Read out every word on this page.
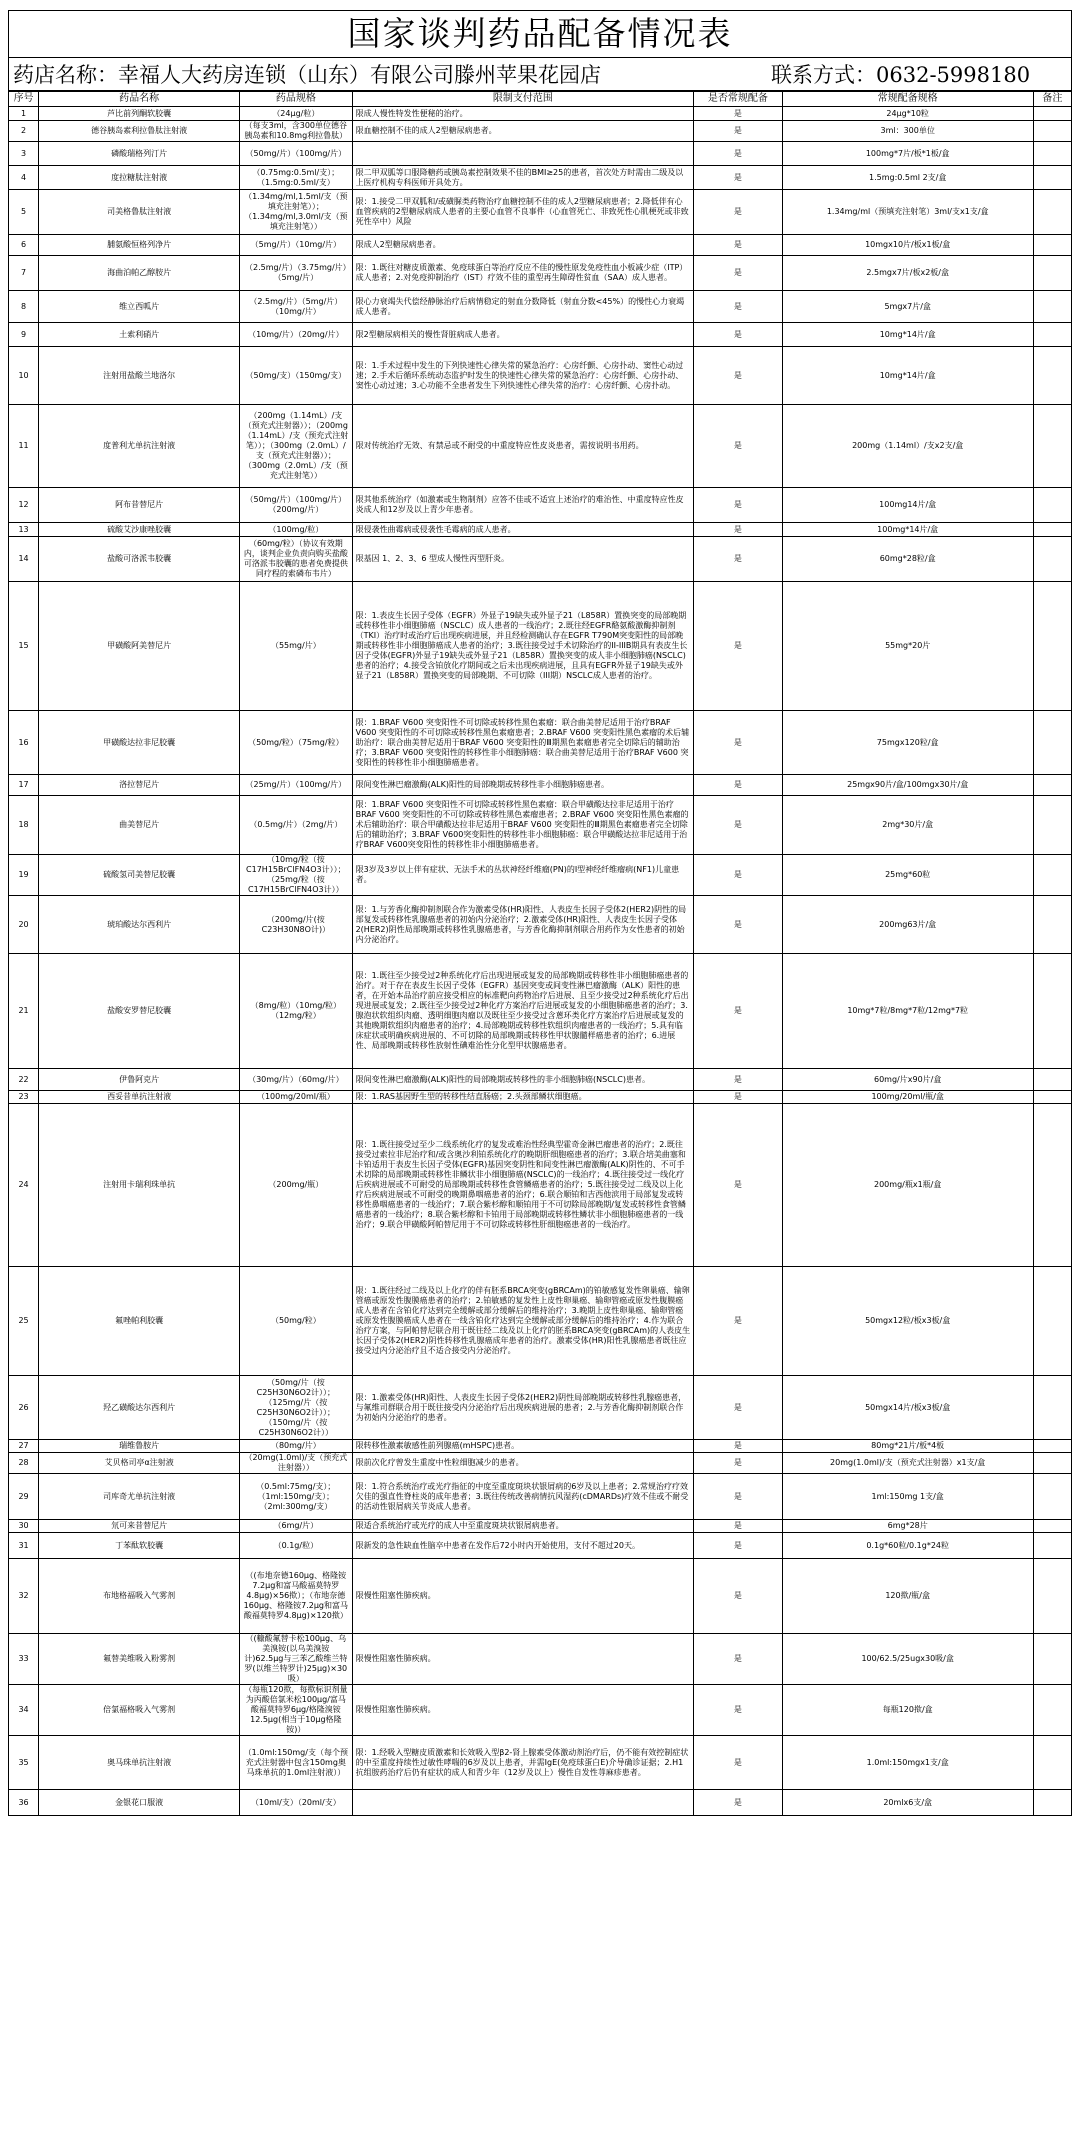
国家谈判药品配备情况表
药店名称：幸福人大药房连锁（山东）有限公司滕州苹果花园店	联系方式：0632-5998180
序号	药品名称	药品规格	限制支付范围	是否常规配备	常规配备规格	备注
1	芦比前列酮软胶囊	（24μg/粒）	限成人慢性特发性便秘的治疗。	是	24μg*10粒	
2	德谷胰岛素利拉鲁肽注射液	（每支3ml，含300单位德谷胰岛素和10.8mg利拉鲁肽）	限血糖控制不佳的成人2型糖尿病患者。	是	3ml：300单位	
3	磷酸瑞格列汀片	（50mg/片）（100mg/片）		是	100mg*7片/板*1板/盒	
4	度拉糖肽注射液	（0.75mg:0.5ml/支）；（1.5mg:0.5ml/支）	限二甲双胍等口服降糖药或胰岛素控制效果不佳的BMI≥25的患者，首次处方时需由二级及以上医疗机构专科医师开具处方。	是	1.5mg:0.5ml 2支/盒	
5	司美格鲁肽注射液	（1.34mg/ml,1.5ml/支（预填充注射笔））；（1.34mg/ml,3.0ml/支（预填充注射笔））	限：1.接受二甲双胍和/或磺脲类药物治疗血糖控制不佳的成人2型糖尿病患者；2.降低伴有心血管疾病的2型糖尿病成人患者的主要心血管不良事件（心血管死亡、非致死性心肌梗死或非致死性卒中）风险	是	1.34mg/ml（预填充注射笔）3ml/支x1支/盒	
6	脯氨酸恒格列净片	（5mg/片）（10mg/片）	限成人2型糖尿病患者。	是	10mgx10片/板x1板/盒	
7	海曲泊帕乙醇胺片	（2.5mg/片）（3.75mg/片）（5mg/片）	限：1.既往对糖皮质激素、免疫球蛋白等治疗反应不佳的慢性原发免疫性血小板减少症（ITP）成人患者；2.对免疫抑制治疗（IST）疗效不佳的重型再生障碍性贫血（SAA）成人患者。	是	2.5mgx7片/板x2板/盒	
8	维立西呱片	（2.5mg/片）（5mg/片）（10mg/片）	限心力衰竭失代偿经静脉治疗后病情稳定的射血分数降低（射血分数<45%）的慢性心力衰竭成人患者。	是	5mgx7片/盒	
9	土索利硝片	（10mg/片）（20mg/片）	限2型糖尿病相关的慢性肾脏病成人患者。	是	10mg*14片/盒	
10	注射用盐酸兰地洛尔	（50mg/支）（150mg/支）	限：1.手术过程中发生的下列快速性心律失常的紧急治疗：心房纤颤、心房扑动、窦性心动过速；2.手术后循环系统动态监护时发生的快速性心律失常的紧急治疗：心房纤颤、心房扑动、窦性心动过速；3.心功能不全患者发生下列快速性心律失常的治疗：心房纤颤、心房扑动。	是	10mg*14片/盒	
11	度普利尤单抗注射液	（200mg（1.14mL）/支（预充式注射器））；（200mg（1.14mL）/支（预充式注射笔））；（300mg（2.0mL）/支（预充式注射器））；（300mg（2.0mL）/支（预充式注射笔））	限对传统治疗无效、有禁忌或不耐受的中重度特应性皮炎患者，需按说明书用药。	是	200mg（1.14ml）/支x2支/盒	
12	阿布昔替尼片	（50mg/片）（100mg/片）（200mg/片）	限其他系统治疗（如激素或生物制剂）应答不佳或不适宜上述治疗的难治性、中重度特应性皮炎成人和12岁及以上青少年患者。	是	100mg14片/盒	
13	硫酸艾沙康唑胶囊	（100mg/粒）	限侵袭性曲霉病或侵袭性毛霉病的成人患者。	是	100mg*14片/盒	
14	盐酸可洛派韦胶囊	（60mg/粒）（协议有效期内，谈判企业负责向购买盐酸可洛派韦胶囊的患者免费提供同疗程的索磷布韦片）	限基因 1、2、3、6 型成人慢性丙型肝炎。	是	60mg*28粒/盒	
15	甲磺酸阿美替尼片	（55mg/片）	限：1.表皮生长因子受体（EGFR）外显子19缺失或外显子21（L858R）置换突变的局部晚期或转移性非小细胞肺癌（NSCLC）成人患者的一线治疗；2.既往经EGFR酪氨酸激酶抑制剂（TKI）治疗时或治疗后出现疾病进展，并且经检测确认存在EGFR T790M突变阳性的局部晚期或转移性非小细胞肺癌成人患者的治疗；3.既往接受过手术切除治疗的II-IIIB期具有表皮生长因子受体(EGFR)外显子19缺失或外显子21（L858R）置换突变的成人非小细胞肺癌(NSCLC)患者的治疗；4.接受含铂放化疗期间或之后未出现疾病进展，且具有EGFR外显子19缺失或外显子21（L858R）置换突变的局部晚期、不可切除（III期）NSCLC成人患者的治疗。	是	55mg*20片	
16	甲磺酸达拉非尼胶囊	（50mg/粒）（75mg/粒）	限：1.BRAF V600 突变阳性不可切除或转移性黑色素瘤：联合曲美替尼适用于治疗BRAF V600 突变阳性的不可切除或转移性黑色素瘤患者；2.BRAF V600 突变阳性黑色素瘤的术后辅助治疗：联合曲美替尼适用于BRAF V600 突变阳性的Ⅲ期黑色素瘤患者完全切除后的辅助治疗；3.BRAF V600 突变阳性的转移性非小细胞肺癌：联合曲美替尼适用于治疗BRAF V600 突变阳性的转移性非小细胞肺癌患者。	是	75mgx120粒/盒	
17	洛拉替尼片	（25mg/片）（100mg/片）	限间变性淋巴瘤激酶(ALK)阳性的局部晚期或转移性非小细胞肺癌患者。	是	25mgx90片/盒/100mgx30片/盒	
18	曲美替尼片	（0.5mg/片）（2mg/片）	限：1.BRAF V600 突变阳性不可切除或转移性黑色素瘤：联合甲磺酸达拉非尼适用于治疗BRAF V600 突变阳性的不可切除或转移性黑色素瘤患者；2.BRAF V600 突变阳性黑色素瘤的术后辅助治疗：联合甲磺酸达拉非尼适用于BRAF V600 突变阳性的Ⅲ期黑色素瘤患者完全切除后的辅助治疗；3.BRAF V600突变阳性的转移性非小细胞肺癌：联合甲磺酸达拉非尼适用于治疗BRAF V600突变阳性的转移性非小细胞肺癌患者。	是	2mg*30片/盒	
19	硫酸氢司美替尼胶囊	（10mg/粒（按C17H15BrClFN4O3计））；（25mg/粒（按C17H15BrClFN4O3计））	限3岁及3岁以上伴有症状、无法手术的丛状神经纤维瘤(PN)的Ⅰ型神经纤维瘤病(NF1)儿童患者。	是	25mg*60粒	
20	琥珀酸达尔西利片	（200mg/片(按C23H30N8O计)）	限：1.与芳香化酶抑制剂联合作为激素受体(HR)阳性、人表皮生长因子受体2(HER2)阴性的局部复发或转移性乳腺癌患者的初始内分泌治疗；2.激素受体(HR)阳性、人表皮生长因子受体2(HER2)阴性局部晚期或转移性乳腺癌患者，与芳香化酶抑制剂联合用药作为女性患者的初始内分泌治疗。	是	200mg63片/盒	
21	盐酸安罗替尼胶囊	（8mg/粒）（10mg/粒）（12mg/粒）	限：1.既往至少接受过2种系统化疗后出现进展或复发的局部晚期或转移性非小细胞肺癌患者的治疗。对于存在表皮生长因子受体（EGFR）基因突变或间变性淋巴瘤激酶（ALK）阳性的患者，在开始本品治疗前应接受相应的标准靶向药物治疗后进展、且至少接受过2种系统化疗后出现进展或复发；2.既往至少接受过2种化疗方案治疗后进展或复发的小细胞肺癌患者的治疗；3.腺泡状软组织肉瘤、透明细胞肉瘤以及既往至少接受过含蒽环类化疗方案治疗后进展或复发的其他晚期软组织肉瘤患者的治疗；4.局部晚期或转移性软组织肉瘤患者的一线治疗；5.具有临床症状或明确疾病进展的、不可切除的局部晚期或转移性甲状腺髓样癌患者的治疗；6.进展性、局部晚期或转移性放射性碘难治性分化型甲状腺癌患者。	是	10mg*7粒/8mg*7粒/12mg*7粒	
22	伊鲁阿克片	（30mg/片）（60mg/片）	限间变性淋巴瘤激酶(ALK)阳性的局部晚期或转移性的非小细胞肺癌(NSCLC)患者。	是	60mg/片x90片/盒	
23	西妥昔单抗注射液	（100mg/20ml/瓶）	限：1.RAS基因野生型的转移性结直肠癌；2.头颈部鳞状细胞癌。	是	100mg/20ml/瓶/盒	
24	注射用卡瑞利珠单抗	（200mg/瓶）	限：1.既往接受过至少二线系统化疗的复发或难治性经典型霍奇金淋巴瘤患者的治疗；2.既往接受过索拉非尼治疗和/或含奥沙利铂系统化疗的晚期肝细胞癌患者的治疗；3.联合培美曲塞和卡铂适用于表皮生长因子受体(EGFR)基因突变阴性和间变性淋巴瘤激酶(ALK)阴性的、不可手术切除的局部晚期或转移性非鳞状非小细胞肺癌(NSCLC)的一线治疗；4.既往接受过一线化疗后疾病进展或不可耐受的局部晚期或转移性食管鳞癌患者的治疗；5.既往接受过二线及以上化疗后疾病进展或不可耐受的晚期鼻咽癌患者的治疗；6.联合顺铂和吉西他滨用于局部复发或转移性鼻咽癌患者的一线治疗；7.联合紫杉醇和顺铂用于不可切除局部晚期/复发或转移性食管鳞癌患者的一线治疗；8.联合紫杉醇和卡铂用于局部晚期或转移性鳞状非小细胞肺癌患者的一线治疗；9.联合甲磺酸阿帕替尼用于不可切除或转移性肝细胞癌患者的一线治疗。	是	200mg/瓶x1瓶/盒	
25	氟唑帕利胶囊	（50mg/粒）	限：1.既往经过二线及以上化疗的伴有胚系BRCA突变(gBRCAm)的铂敏感复发性卵巢癌、输卵管癌或原发性腹膜癌患者的治疗；2.铂敏感的复发性上皮性卵巢癌、输卵管癌或原发性腹膜癌成人患者在含铂化疗达到完全缓解或部分缓解后的维持治疗；3.晚期上皮性卵巢癌、输卵管癌或原发性腹膜癌成人患者在一线含铂化疗达到完全缓解或部分缓解后的维持治疗；4.作为联合治疗方案，与阿帕替尼联合用于既往经二线及以上化疗的胚系BRCA突变(gBRCAm)的人表皮生长因子受体2(HER2)阴性转移性乳腺癌成年患者的治疗。激素受体(HR)阳性乳腺癌患者既往应接受过内分泌治疗且不适合接受内分泌治疗。	是	50mgx12粒/板x3板/盒	
26	羟乙磺酸达尔西利片	（50mg/片（按C25H30N6O2计））；（125mg/片（按C25H30N6O2计））；（150mg/片（按C25H30N6O2计））	限：1.激素受体(HR)阳性、人表皮生长因子受体2(HER2)阴性局部晚期或转移性乳腺癌患者，与氟维司群联合用于既往接受内分泌治疗后出现疾病进展的患者；2.与芳香化酶抑制剂联合作为初始内分泌治疗的患者。	是	50mgx14片/板x3板/盒	
27	瑞维鲁胺片	（80mg/片）	限转移性激素敏感性前列腺癌(mHSPC)患者。	是	80mg*21片/板*4板	
28	艾贝格司亭α注射液	（20mg(1.0ml)/支（预充式注射器））	限前次化疗曾发生重度中性粒细胞减少的患者。	是	20mg(1.0ml)/支（预充式注射器）x1支/盒	
29	司库奇尤单抗注射液	（0.5ml:75mg/支）；（1ml:150mg/支）；（2ml:300mg/支）	限：1.符合系统治疗或光疗指征的中度至重度斑块状银屑病的6岁及以上患者；2.常规治疗疗效欠佳的强直性脊柱炎的成年患者；3.既往传统改善病情抗风湿药(cDMARDs)疗效不佳或不耐受的活动性银屑病关节炎成人患者。	是	1ml:150mg 1支/盒	
30	氘可来昔替尼片	（6mg/片）	限适合系统治疗或光疗的成人中至重度斑块状银屑病患者。	是	6mg*28片	
31	丁苯酞软胶囊	（0.1g/粒）	限新发的急性缺血性脑卒中患者在发作后72小时内开始使用，支付不超过20天。	是	0.1g*60粒/0.1g*24粒	
32	布地格福吸入气雾剂	（(布地奈德160μg、格隆铵7.2μg和富马酸福莫特罗4.8μg)×56揿）；（布地奈德160μg、格隆铵7.2μg和富马酸福莫特罗4.8μg)×120揿）	限慢性阻塞性肺疾病。	是	120揿/瓶/盒	
33	氟替美维吸入粉雾剂	（(糠酸氟替卡松100μg、乌美溴铵(以乌美溴铵计)62.5μg与三苯乙酸维兰特罗(以维兰特罗计)25μg)×30吸）	限慢性阻塞性肺疾病。	是	100/62.5/25ugx30吸/盒	
34	倍氯福格吸入气雾剂	（每瓶120揿，每揿标识剂量为丙酸倍氯米松100μg/富马酸福莫特罗6μg/格隆溴铵12.5μg(相当于10μg格隆铵)）	限慢性阻塞性肺疾病。	是	每瓶120揿/盒	
35	奥马珠单抗注射液	（1.0ml:150mg/支（每个预充式注射器中包含150mg奥马珠单抗的1.0ml注射液））	限：1.经吸入型糖皮质激素和长效吸入型β2-肾上腺素受体激动剂治疗后，仍不能有效控制症状的中至重度持续性过敏性哮喘的6岁及以上患者，并需IgE(免疫球蛋白E)介导确诊证据；2.H1抗组胺药治疗后仍有症状的成人和青少年（12岁及以上）慢性自发性荨麻疹患者。	是	1.0ml:150mgx1支/盒	
36	金银花口服液	（10ml/支）（20ml/支）		是	20mlx6支/盒	
